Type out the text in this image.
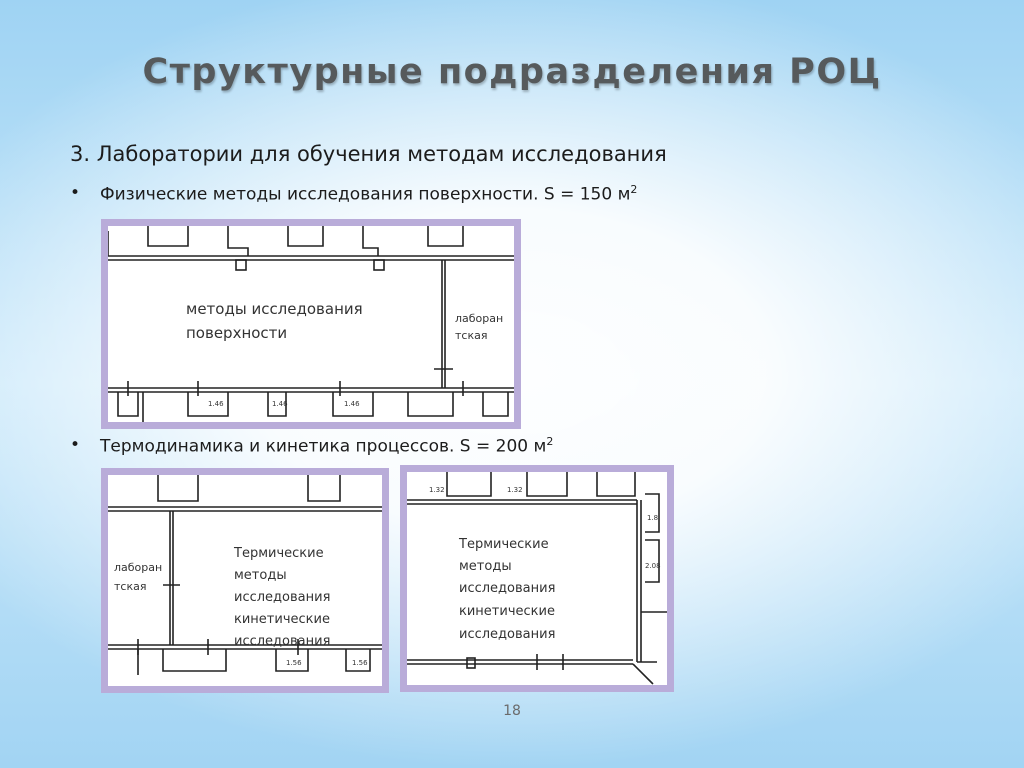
Структурные подразделения РОЦ
3. Лаборатории для обучения методам исследования
•	Физические методы исследования поверхности. S = 150 $м^2$
методы исследования
поверхности
лаборан
тская
1.46	1.46	1.46
•	Термодинамика и кинетика процессов. S = 200 $м^2$
лаборан
тская
Термические
методы
исследования
кинетические
исследования
1.56	1.56
Термические
методы
исследования
кинетические
исследования
1.32	1.32
1.8
2.08
18
